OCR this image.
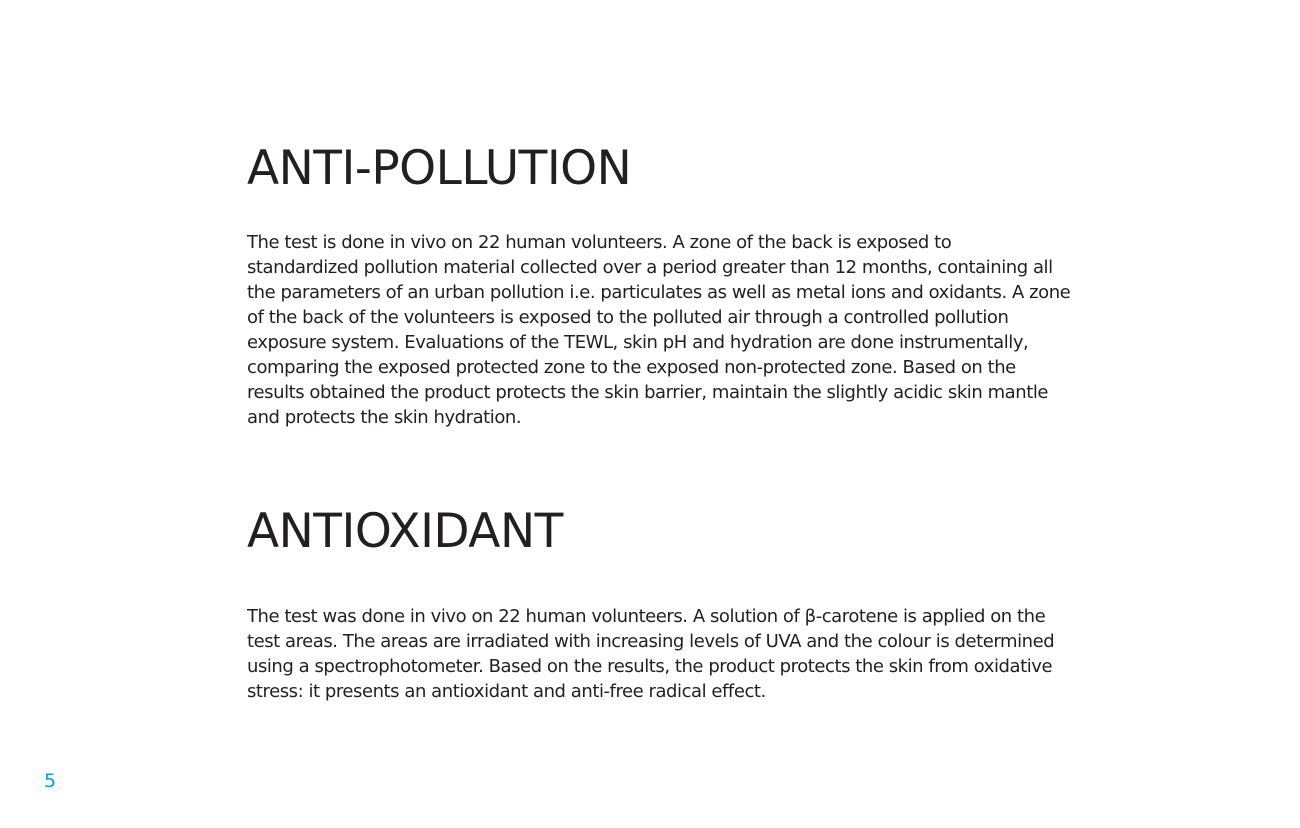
ANTI-POLLUTION

The test is done in vivo on 22 human volunteers. A zone of the back is exposed to
standardized pollution material collected over a period greater than 12 months, containing all
the parameters of an urban pollution i.e. particulates as well as metal ions and oxidants. A zone
of the back of the volunteers is exposed to the polluted air through a controlled pollution
exposure system. Evaluations of the TEWL, skin pH and hydration are done instrumentally,
comparing the exposed protected zone to the exposed non-protected zone. Based on the
results obtained the product protects the skin barrier, maintain the slightly acidic skin mantle
and protects the skin hydration.

ANTIOXIDANT

The test was done in vivo on 22 human volunteers. A solution of β-carotene is applied on the
test areas. The areas are irradiated with increasing levels of UVA and the colour is determined
using a spectrophotometer. Based on the results, the product protects the skin from oxidative
stress: it presents an antioxidant and anti-free radical effect.

5
